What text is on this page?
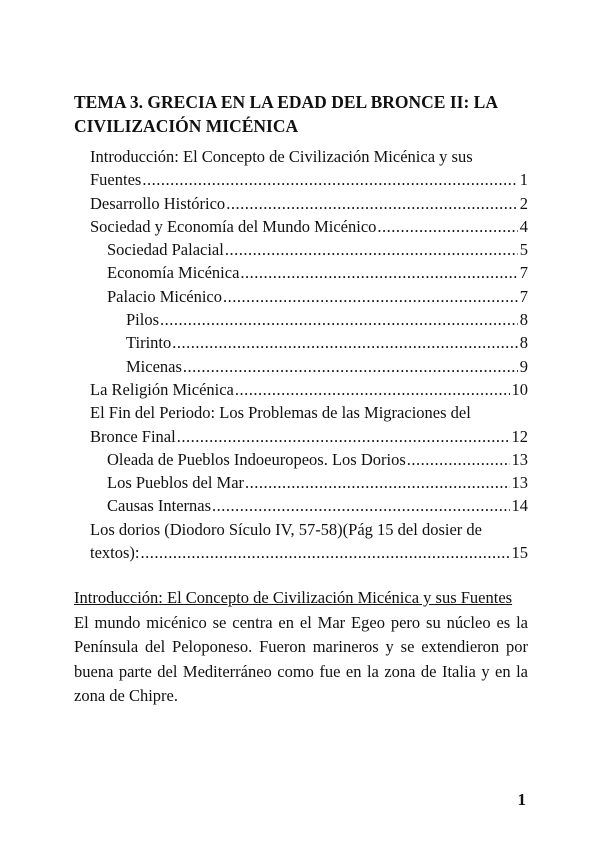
TEMA 3. GRECIA EN LA EDAD DEL BRONCE II: LA CIVILIZACIÓN MICÉNICA
Introducción: El Concepto de Civilización Micénica y sus
Fuentes .....	1
Desarrollo Histórico .....	2
Sociedad y Economía del Mundo Micénico .....	4
Sociedad Palacial .....	5
Economía Micénica .....	7
Palacio Micénico .....	7
Pilos .....	8
Tirinto .....	8
Micenas .....	9
La Religión Micénica .....	10
El Fin del Periodo: Los Problemas de las Migraciones del
Bronce Final .....	12
Oleada de Pueblos Indoeuropeos. Los Dorios .....	13
Los Pueblos del Mar .....	13
Causas Internas .....	14
Los dorios (Diodoro Sículo IV, 57-58)(Pág 15 del dosier de
textos): .....	15

Introducción: El Concepto de Civilización Micénica y sus Fuentes

El mundo micénico se centra en el Mar Egeo pero su núcleo es la Península del Peloponeso. Fueron marineros y se extendieron por buena parte del Mediterráneo como fue en la zona de Italia y en la zona de Chipre.

1
